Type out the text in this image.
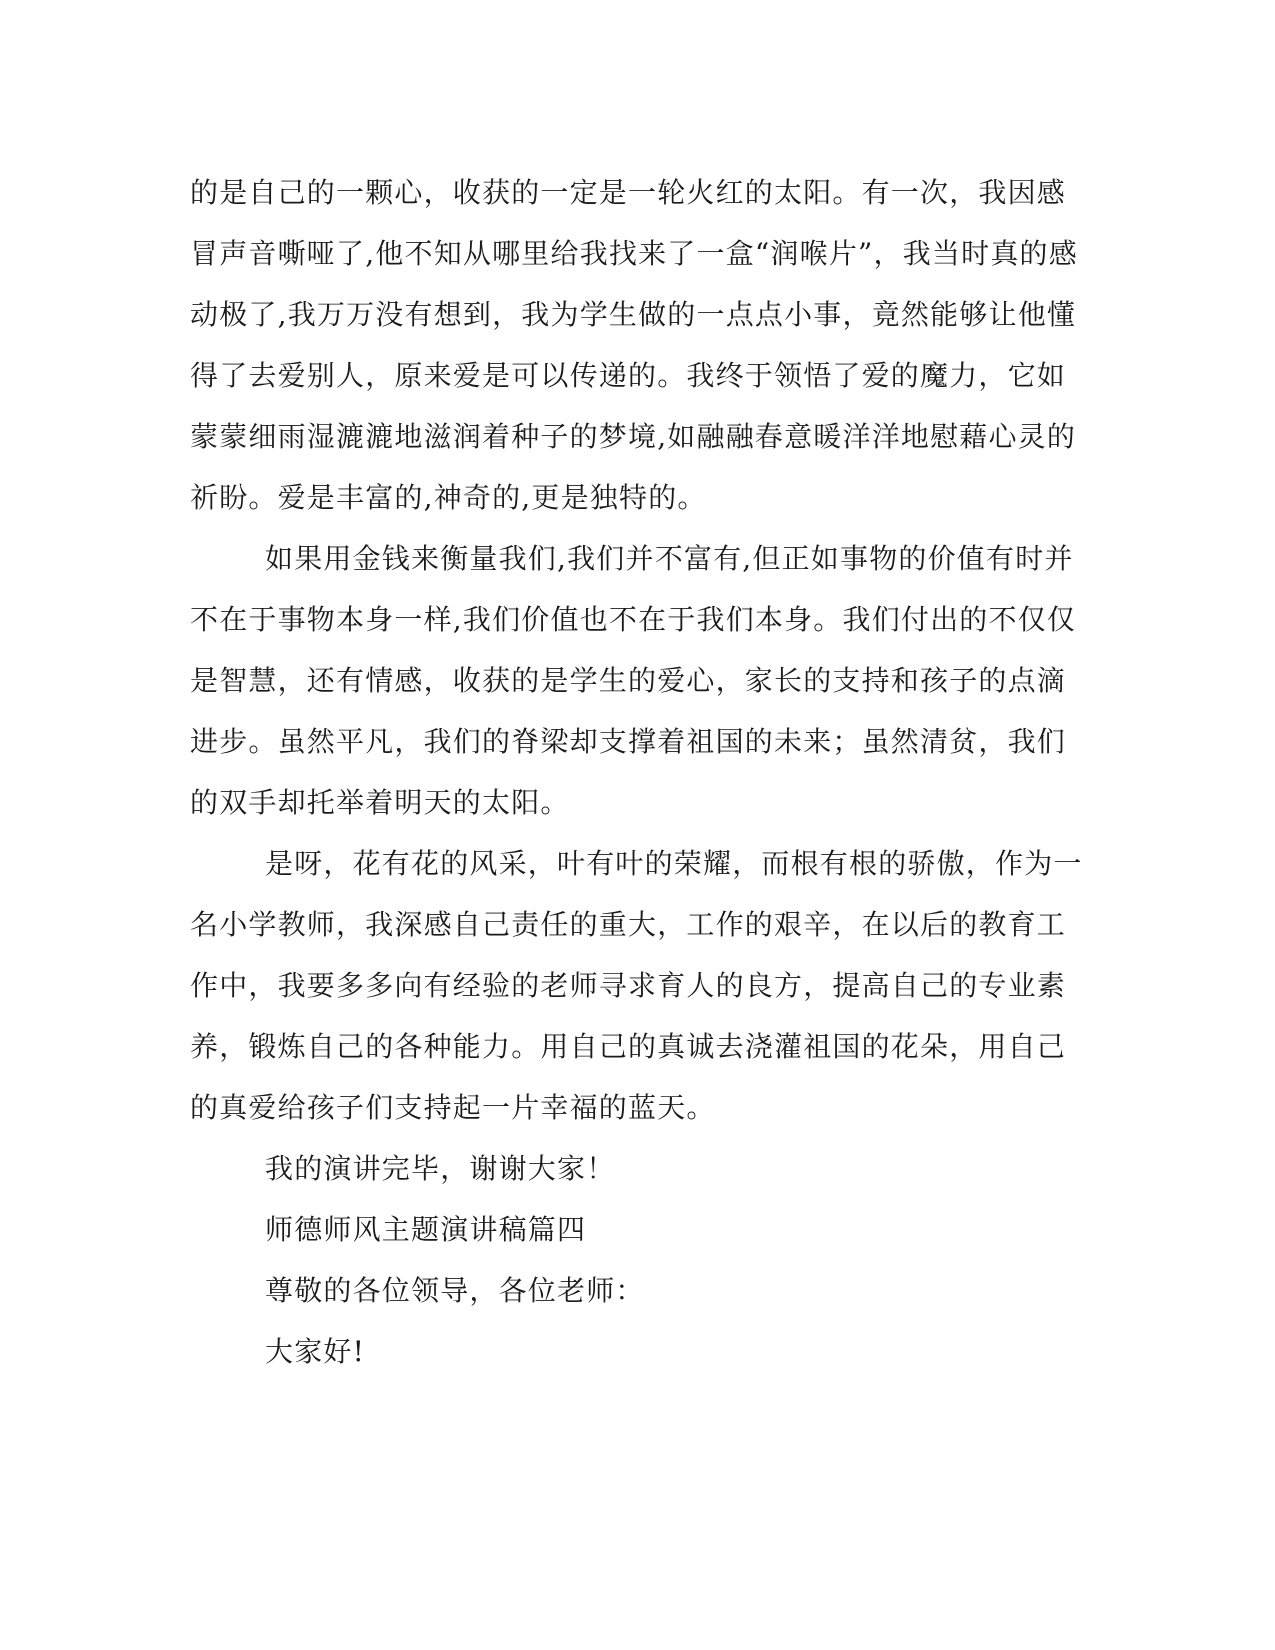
的是自己的一颗心，收获的一定是一轮火红的太阳。有一次，我因感
冒声音嘶哑了,他不知从哪里给我找来了一盒“润喉片”，我当时真的感
动极了,我万万没有想到，我为学生做的一点点小事，竟然能够让他懂
得了去爱别人，原来爱是可以传递的。我终于领悟了爱的魔力，它如
蒙蒙细雨湿漉漉地滋润着种子的梦境,如融融春意暖洋洋地慰藉心灵的
祈盼。爱是丰富的,神奇的,更是独特的。
如果用金钱来衡量我们,我们并不富有,但正如事物的价值有时并
不在于事物本身一样,我们价值也不在于我们本身。我们付出的不仅仅
是智慧，还有情感，收获的是学生的爱心，家长的支持和孩子的点滴
进步。虽然平凡，我们的脊梁却支撑着祖国的未来；虽然清贫，我们
的双手却托举着明天的太阳。
是呀，花有花的风采，叶有叶的荣耀，而根有根的骄傲，作为一
名小学教师，我深感自己责任的重大，工作的艰辛，在以后的教育工
作中，我要多多向有经验的老师寻求育人的良方，提高自己的专业素
养，锻炼自己的各种能力。用自己的真诚去浇灌祖国的花朵，用自己
的真爱给孩子们支持起一片幸福的蓝天。
我的演讲完毕，谢谢大家！
师德师风主题演讲稿篇四
尊敬的各位领导，各位老师：
大家好!
